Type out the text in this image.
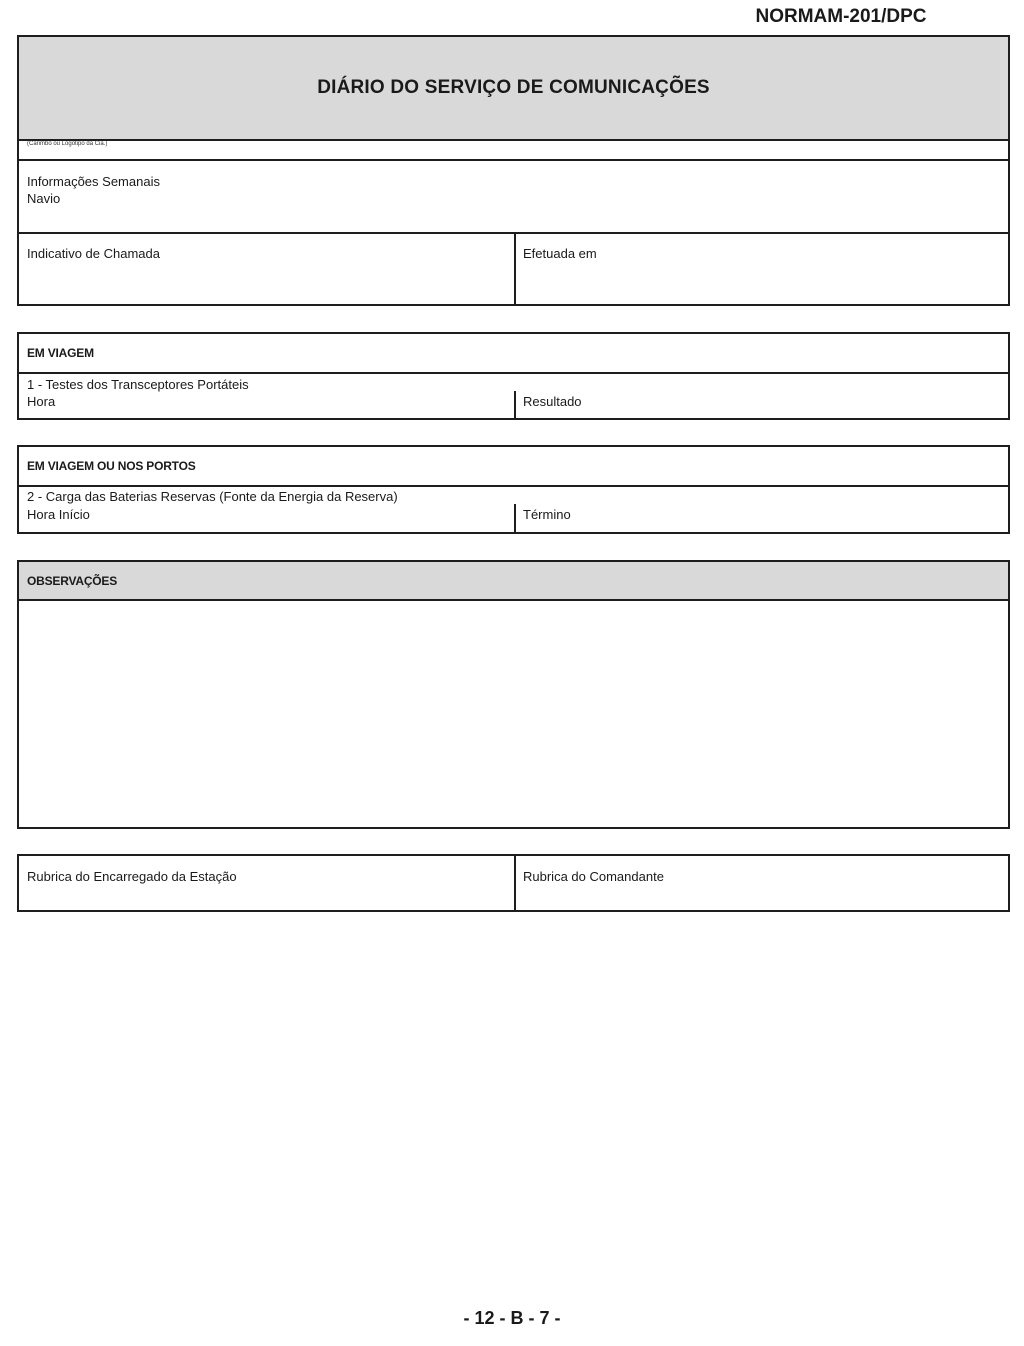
NORMAM-201/DPC
DIÁRIO DO SERVIÇO DE COMUNICAÇÕES
(Carimbo ou Logotipo da Cia.)
Informações Semanais
Navio
Indicativo de Chamada	Efetuada em
EM VIAGEM
1 - Testes dos Transceptores Portáteis
Hora	Resultado
EM VIAGEM OU NOS PORTOS
2 - Carga das Baterias Reservas (Fonte da Energia da Reserva)
Hora Início	Término
OBSERVAÇÕES
Rubrica do Encarregado da Estação	Rubrica do Comandante
- 12 - B - 7 -
